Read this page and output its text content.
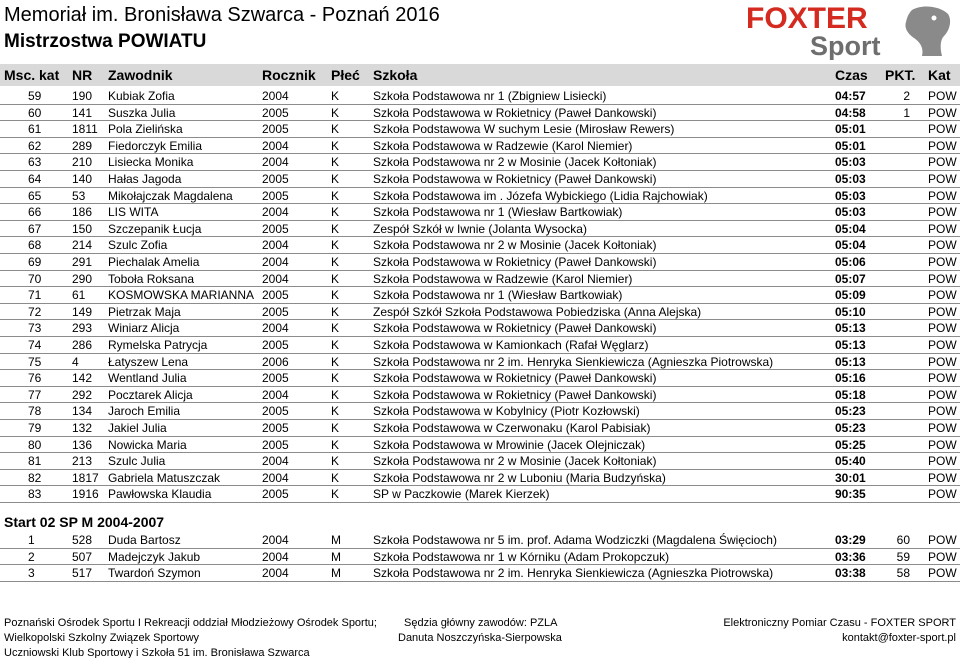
Memoriał im. Bronisława Szwarca - Poznań 2016
Mistrzostwa POWIATU
FOXTER
Sport
Msc. kat NR Zawodnik	Rocznik Płeć Szkoła	Czas PKT. Kat
59	190 Kubiak Zofia	2004	K	Szkoła Podstawowa nr 1 (Zbigniew Lisiecki)	04:57	2 POW
60	141 Suszka Julia	2005	K	Szkoła Podstawowa w Rokietnicy (Paweł Dankowski)	04:58	1 POW
61	1811 Pola Zielińska	2005	K	Szkoła Podstawowa W suchym Lesie (Mirosław Rewers)	05:01	POW
62	289 Fiedorczyk Emilia	2004	K	Szkoła Podstawowa w Radzewie (Karol Niemier)	05:01	POW
63	210 Lisiecka Monika	2004	K	Szkoła Podstawowa nr 2 w Mosinie (Jacek Kołtoniak)	05:03	POW
64	140 Hałas Jagoda	2005	K	Szkoła Podstawowa w Rokietnicy (Paweł Dankowski)	05:03	POW
65	53 Mikołajczak Magdalena 2005	K	Szkoła Podstawowa im . Józefa Wybickiego (Lidia Rajchowiak)	05:03	POW
66	186 LIS WITA	2004	K	Szkoła Podstawowa nr 1 (Wiesław Bartkowiak)	05:03	POW
67	150 Szczepanik Łucja	2005	K	Zespół Szkół w Iwnie (Jolanta Wysocka)	05:04	POW
68	214 Szulc Zofia	2004	K	Szkoła Podstawowa nr 2 w Mosinie (Jacek Kołtoniak)	05:04	POW
69	291 Piechalak Amelia	2004	K	Szkoła Podstawowa w Rokietnicy (Paweł Dankowski)	05:06	POW
70	290 Toboła Roksana	2004	K	Szkoła Podstawowa w Radzewie (Karol Niemier)	05:07	POW
71	61 KOSMOWSKA MARIANNA 2005	K	Szkoła Podstawowa nr 1 (Wiesław Bartkowiak)	05:09	POW
72	149 Pietrzak Maja	2005	K	Zespół Szkół Szkoła Podstawowa Pobiedziska (Anna Alejska)	05:10	POW
73	293 Winiarz Alicja	2004	K	Szkoła Podstawowa w Rokietnicy (Paweł Dankowski)	05:13	POW
74	286 Rymelska Patrycja	2005	K	Szkoła Podstawowa w Kamionkach (Rafał Węglarz)	05:13	POW
75	4 Łatyszew Lena	2006	K	Szkoła Podstawowa nr 2 im. Henryka Sienkiewicza (Agnieszka Piotrowska)	05:13	POW
76	142 Wentland Julia	2005	K	Szkoła Podstawowa w Rokietnicy (Paweł Dankowski)	05:16	POW
77	292 Pocztarek Alicja	2004	K	Szkoła Podstawowa w Rokietnicy (Paweł Dankowski)	05:18	POW
78	134 Jaroch Emilia	2005	K	Szkoła Podstawowa w Kobylnicy (Piotr Kozłowski)	05:23	POW
79	132 Jakiel Julia	2005	K	Szkoła Podstawowa w Czerwonaku (Karol Pabisiak)	05:23	POW
80	136 Nowicka Maria	2005	K	Szkoła Podstawowa w Mrowinie (Jacek Olejniczak)	05:25	POW
81	213 Szulc Julia	2004	K	Szkoła Podstawowa nr 2 w Mosinie (Jacek Kołtoniak)	05:40	POW
82	1817 Gabriela Matuszczak	2004	K	Szkoła Podstawowa nr 2 w Luboniu (Maria Budzyńska)	30:01	POW
83	1916 Pawłowska Klaudia	2005	K	SP w Paczkowie (Marek Kierzek)	90:35	POW
Start 02 SP M 2004-2007
1	528 Duda Bartosz	2004	M	Szkoła Podstawowa nr 5 im. prof. Adama Wodziczki (Magdalena Święcioch)	03:29	60 POW
2	507 Madejczyk Jakub	2004	M	Szkoła Podstawowa nr 1 w Kórniku (Adam Prokopczuk)	03:36	59 POW
3	517 Twardoń Szymon	2004	M	Szkoła Podstawowa nr 2 im. Henryka Sienkiewicza (Agnieszka Piotrowska)	03:38	58 POW
Poznański Ośrodek Sportu I Rekreacji oddział Młodzieżowy Ośrodek Sportu;
Wielkopolski Szkolny Związek Sportowy
Uczniowski Klub Sportowy i Szkoła 51 im. Bronisława Szwarca
Sędzia główny zawodów: PZLA
Danuta Noszczyńska-Sierpowska
Elektroniczny Pomiar Czasu - FOXTER SPORT
kontakt@foxter-sport.pl
